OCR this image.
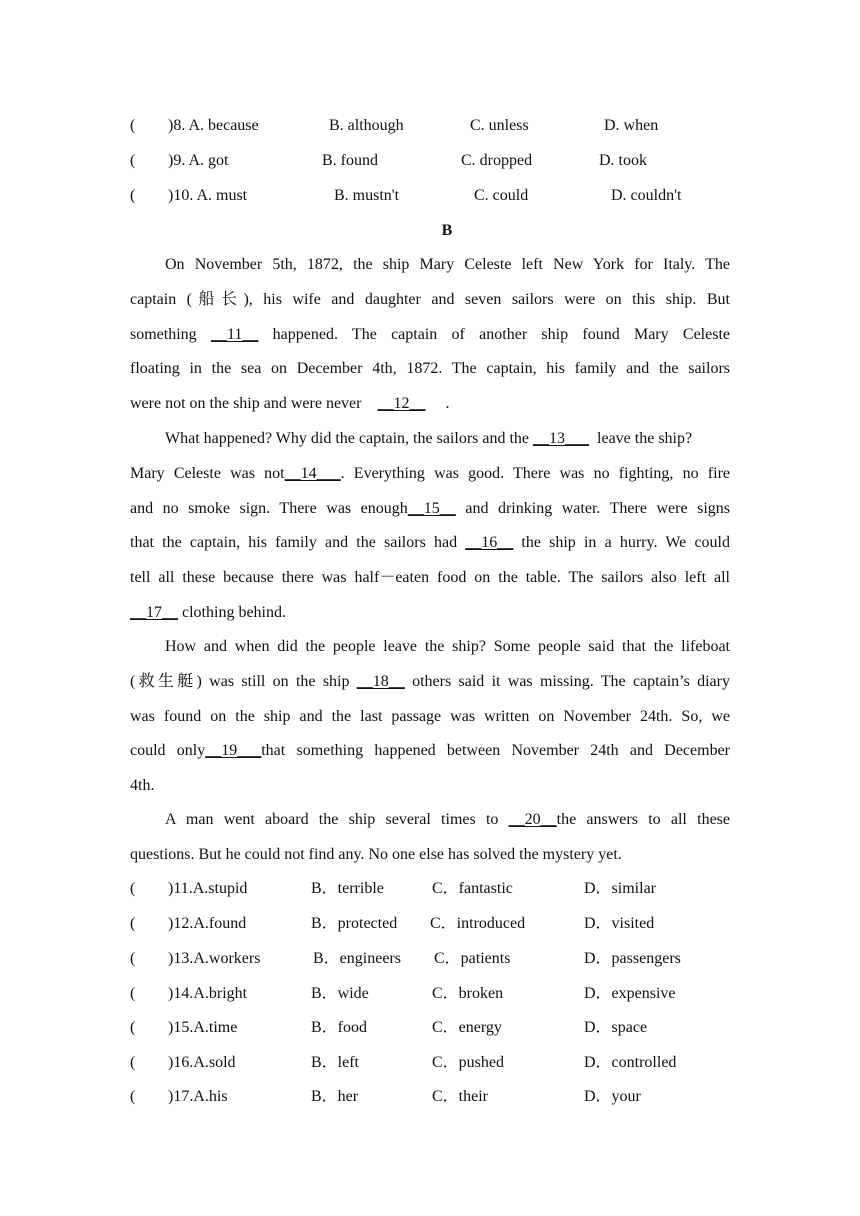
( )8. A. because	B. although	C. unless	D. when
( )9. A. got	B. found	C. dropped	D. took
( )10. A. must	B. mustn't	C. could	D. couldn't
B
On November 5th, 1872, the ship Mary Celeste left New York for Italy. The
captain (船长), his wife and daughter and seven sailors were on this ship. But
something __11__ happened. The captain of another ship found Mary Celeste
floating in the sea on December 4th, 1872. The captain, his family and the sailors
were not on the ship and were never    __12__     .
What happened? Why did the captain, the sailors and the __13___  leave the ship?
Mary Celeste was not__14___. Everything was good. There was no fighting, no fire
and no smoke sign. There was enough__15__ and drinking water. There were signs
that the captain, his family and the sailors had __16__ the ship in a hurry. We could
tell all these because there was half－eaten food on the table. The sailors also left all
__17__ clothing behind.
How and when did the people leave the ship? Some people said that the lifeboat
(救生艇) was still on the ship __18__ others said it was missing. The captain’s diary
was found on the ship and the last passage was written on November 24th. So, we
could only__19___that something happened between November 24th and December
4th.
A man went aboard the ship several times to __20__the answers to all these
questions. But he could not find any. No one else has solved the mystery yet.
( )11.A.stupid	B．terrible	C．fantastic	D．similar
( )12.A.found	B．protected C．introduced	D．visited
( )13.A.workers	B．engineers C．patients	D．passengers
( )14.A.bright	B．wide	C．broken	D．expensive
( )15.A.time	B．food	C．energy	D．space
( )16.A.sold	B．left	C．pushed	D．controlled
( )17.A.his	B．her	C．their	D．your
